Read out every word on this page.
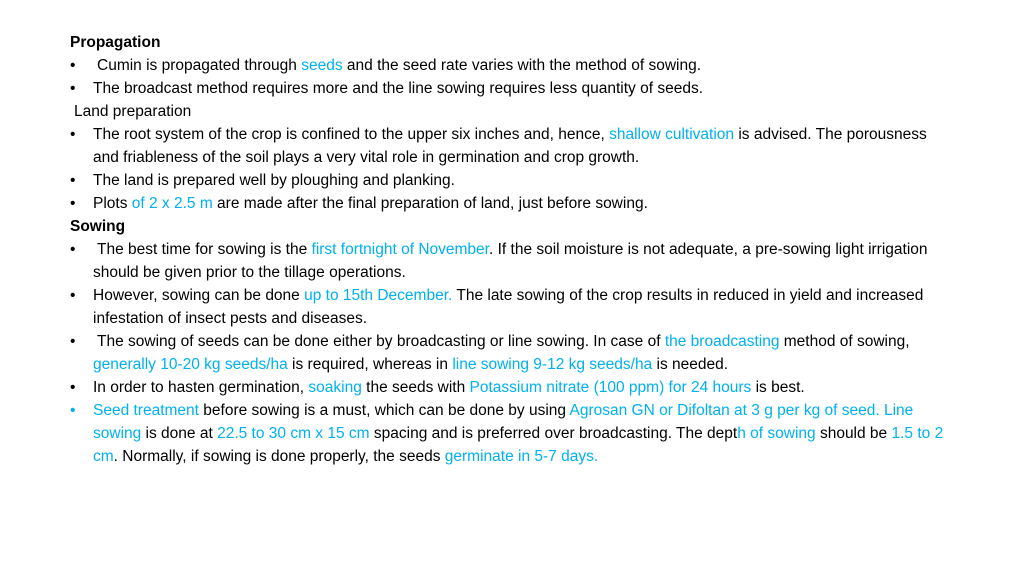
Propagation
• Cumin is propagated through seeds and the seed rate varies with the method of sowing.
• The broadcast method requires more and the line sowing requires less quantity of seeds.
Land preparation
• The root system of the crop is confined to the upper six inches and, hence, shallow cultivation is advised. The porousness and friableness of the soil plays a very vital role in germination and crop growth.
• The land is prepared well by ploughing and planking.
• Plots of 2 x 2.5 m are made after the final preparation of land, just before sowing.
Sowing
• The best time for sowing is the first fortnight of November. If the soil moisture is not adequate, a pre-sowing light irrigation should be given prior to the tillage operations.
• However, sowing can be done up to 15th December. The late sowing of the crop results in reduced in yield and increased infestation of insect pests and diseases.
• The sowing of seeds can be done either by broadcasting or line sowing. In case of the broadcasting method of sowing, generally 10-20 kg seeds/ha is required, whereas in line sowing 9-12 kg seeds/ha is needed.
• In order to hasten germination, soaking the seeds with Potassium nitrate (100 ppm) for 24 hours is best.
• Seed treatment before sowing is a must, which can be done by using Agrosan GN or Difoltan at 3 g per kg of seed. Line sowing is done at 22.5 to 30 cm x 15 cm spacing and is preferred over broadcasting. The depth of sowing should be 1.5 to 2 cm. Normally, if sowing is done properly, the seeds germinate in 5-7 days.
